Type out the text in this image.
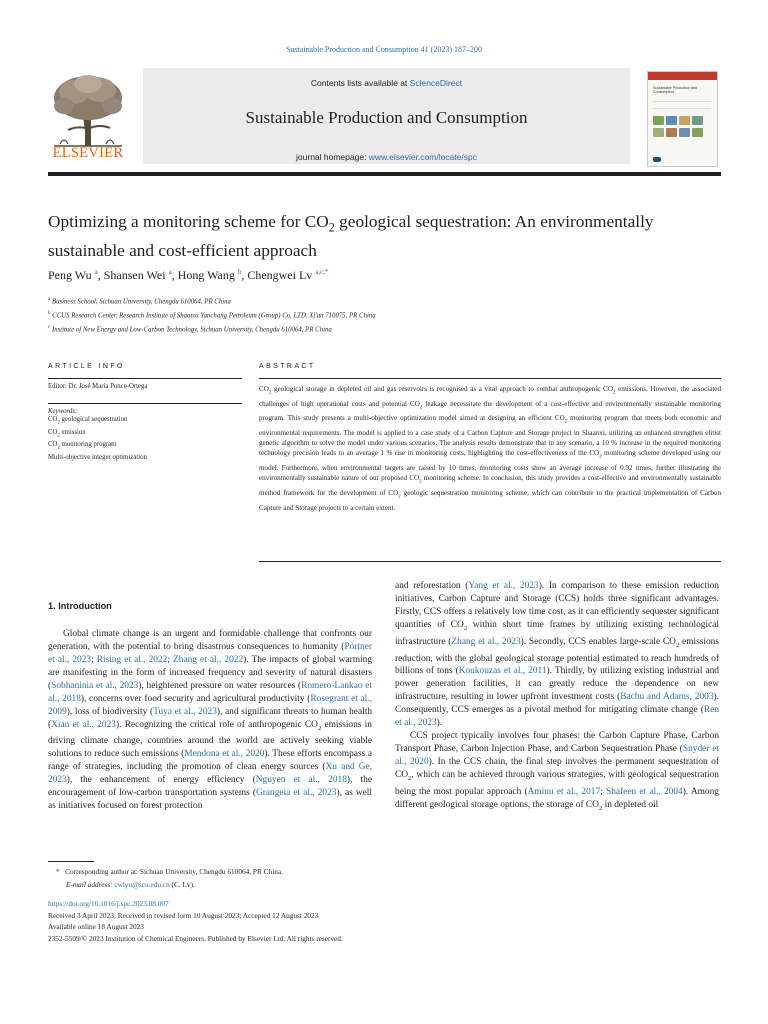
Sustainable Production and Consumption 41 (2023) 187–200
ELSEVIER
Contents lists available at ScienceDirect
Sustainable Production and Consumption
journal homepage: www.elsevier.com/locate/spc
Sustainable Production and Consumption
Optimizing a monitoring scheme for $CO_2$ geological sequestration: An environmentally sustainable and cost-efficient approach
Peng Wu $^a$, Shansen Wei $^a$, Hong Wang $^b$, Chengwei Lv $^{a,c,*}$
$^a$ Business School, Sichuan University, Chengdu 610064, PR China
$^b$ CCUS Research Center, Research Institute of Shaanxi Yanchang Petroleum (Group) Co. LTD, Xi'an 710075, PR China
$^c$ Institute of New Energy and Low-Carbon Technology, Sichuan University, Chengdu 610064, PR China
ARTICLE INFO
Editor: Dr. José María Ponce-Ortega
Keywords:
$CO_2$ geological sequestration
$CO_2$ emission
$CO_2$ monitoring program
Multi-objective integer optimization
ABSTRACT
$CO_2$ geological storage in depleted oil and gas reservoirs is recognised as a vital approach to combat anthropogenic $CO_2$ emissions. However, the associated challenges of high operational costs and potential $CO_2$ leakage necessitate the development of a cost-effective and environmentally sustainable monitoring program. This study presents a multi-objective optimization model aimed at designing an efficient $CO_2$ monitoring program that meets both economic and environmental requirements. The model is applied to a case study of a Carbon Capture and Storage project in Shaanxi, utilizing an enhanced strengthen elitist genetic algorithm to solve the model under various scenarios. The analysis results demonstrate that in any scenario, a 10 % increase in the required monitoring technology precision leads to an average 1 % rise in monitoring costs, highlighting the cost-effectiveness of the $CO_2$ monitoring scheme developed using our model. Furthermore, when environmental targets are raised by 10 times, monitoring costs show an average increase of 0.92 times, further illustrating the environmentally sustainable nature of our proposed $CO_2$ monitoring scheme. In conclusion, this study provides a cost-effective and environmentally sustainable method framework for the development of $CO_2$ geologic sequestration monitoring scheme, which can contribute to the practical implementation of Carbon Capture and Storage projects to a certain extent.
1. Introduction

Global climate change is an urgent and formidable challenge that confronts our generation, with the potential to bring disastrous consequences to humanity (Pörtner et al., 2023; Rising et al., 2022; Zhang et al., 2022). The impacts of global warming are manifesting in the form of increased frequency and severity of natural disasters (Sobhaninia et al., 2023), heightened pressure on water resources (Romero-Lankao et al., 2018), concerns over food security and agricultural productivity (Rosegrant et al., 2009), loss of biodiversity (Tuya et al., 2023), and significant threats to human health (Xian et al., 2023). Recognizing the critical role of anthropogenic $CO_2$ emissions in driving climate change, countries around the world are actively seeking viable solutions to reduce such emissions (Mendona et al., 2020). These efforts encompass a range of strategies, including the promotion of clean energy sources (Xu and Ge, 2023), the enhancement of energy efficiency (Nguyen et al., 2018), the encouragement of low-carbon transportation systems (Grangeia et al., 2023), as well as initiatives focused on forest protection

and reforestation (Yang et al., 2023). In comparison to these emission reduction initiatives, Carbon Capture and Storage (CCS) holds three significant advantages. Firstly, CCS offers a relatively low time cost, as it can efficiently sequester significant quantities of $CO_2$ within short time frames by utilizing existing technological infrastructure (Zhang et al., 2023). Secondly, CCS enables large-scale $CO_2$ emissions reduction, with the global geological storage potential estimated to reach hundreds of billions of tons (Koukouzas et al., 2011). Thirdly, by utilizing existing industrial and power generation facilities, it can greatly reduce the dependence on new infrastructure, resulting in lower upfront investment costs (Bachu and Adams, 2003). Consequently, CCS emerges as a pivotal method for mitigating climate change (Ren et al., 2023).

CCS project typically involves four phases: the Carbon Capture Phase, Carbon Transport Phase, Carbon Injection Phase, and Carbon Sequestration Phase (Snyder et al., 2020). In the CCS chain, the final step involves the permanent sequestration of $CO_2$, which can be achieved through various strategies, with geological sequestration being the most popular approach (Aminu et al., 2017; Shafeen et al., 2004). Among different geological storage options, the storage of $CO_2$ in depleted oil

*   Corresponding author at: Sichuan University, Chengdu 610064, PR China.
E-mail address: cwlyu@scu.edu.cn (C. Lv).
https://doi.org/10.1016/j.spc.2023.08.007
Received 3 April 2023; Received in revised form 10 August 2023; Accepted 12 August 2023
Available online 18 August 2023
2352-5509/© 2023 Institution of Chemical Engineers. Published by Elsevier Ltd. All rights reserved.
